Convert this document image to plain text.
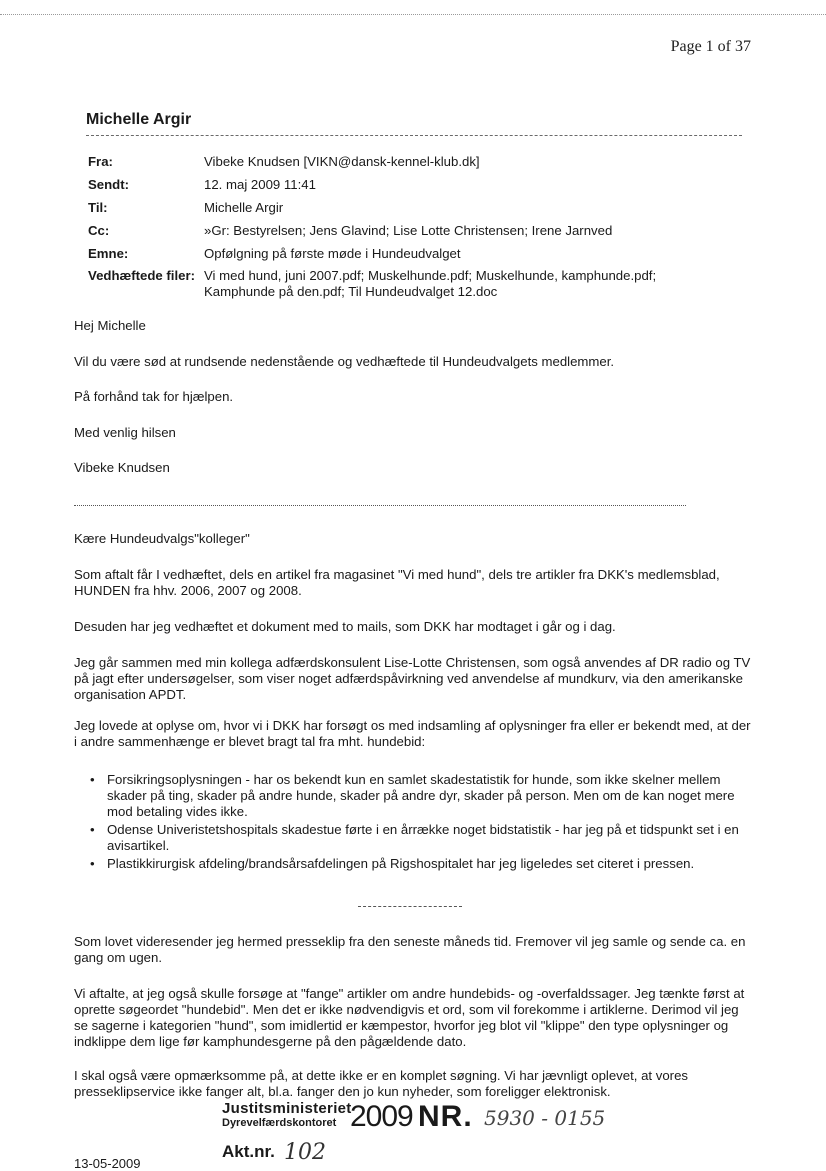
Page 1 of 37
Michelle Argir
Fra:	Vibeke Knudsen [VIKN@dansk-kennel-klub.dk]
Sendt:	12. maj 2009 11:41
Til:	Michelle Argir
Cc:	»Gr: Bestyrelsen; Jens Glavind; Lise Lotte Christensen; Irene Jarnved
Emne:	Opfølgning på første møde i Hundeudvalget
Vedhæftede filer: Vi med hund, juni 2007.pdf; Muskelhunde.pdf; Muskelhunde, kamphunde.pdf; Kamphunde på den.pdf; Til Hundeudvalget 12.doc

Hej Michelle

Vil du være sød at rundsende nedenstående og vedhæftede til Hundeudvalgets medlemmer.

På forhånd tak for hjælpen.

Med venlig hilsen

Vibeke Knudsen

Kære Hundeudvalgs"kolleger"

Som aftalt får I vedhæftet, dels en artikel fra magasinet "Vi med hund", dels tre artikler fra DKK's medlemsblad, HUNDEN fra hhv. 2006, 2007 og 2008.

Desuden har jeg vedhæftet et dokument med to mails, som DKK har modtaget i går og i dag.

Jeg går sammen med min kollega adfærdskonsulent Lise-Lotte Christensen, som også anvendes af DR radio og TV på jagt efter undersøgelser, som viser noget adfærdspåvirkning ved anvendelse af mundkurv, via den amerikanske organisation APDT.

Jeg lovede at oplyse om, hvor vi i DKK har forsøgt os med indsamling af oplysninger fra eller er bekendt med, at der i andre sammenhænge er blevet bragt tal fra mht. hundebid:

• Forsikringsoplysningen - har os bekendt kun en samlet skadestatistik for hunde, som ikke skelner mellem skader på ting, skader på andre hunde, skader på andre dyr, skader på person. Men om de kan noget mere mod betaling vides ikke.
• Odense Univeristetshospitals skadestue førte i en årrække noget bidstatistik - har jeg på et tidspunkt set i en avisartikel.
• Plastikkirurgisk afdeling/brandsårsafdelingen på Rigshospitalet har jeg ligeledes set citeret i pressen.

Som lovet videresender jeg hermed presseklip fra den seneste måneds tid. Fremover vil jeg samle og sende ca. en gang om ugen.

Vi aftalte, at jeg også skulle forsøge at "fange" artikler om andre hundebids- og -overfaldssager. Jeg tænkte først at oprette søgeordet "hundebid". Men det er ikke nødvendigvis et ord, som vil forekomme i artiklerne. Derimod vil jeg se sagerne i kategorien "hund", som imidlertid er kæmpestor, hvorfor jeg blot vil "klippe" den type oplysninger og indklippe dem lige før kamphundesgerne på den pågældende dato.

I skal også være opmærksomme på, at dette ikke er en komplet søgning. Vi har jævnligt oplevet, at vores presseklipservice ikke fanger alt, bl.a. fanger den jo kun nyheder, som foreligger elektronisk.

Justitsministeriet
Dyrevelfærdskontoret 2009 NR. 5930 - 0155
Akt.nr. 102
13-05-2009
